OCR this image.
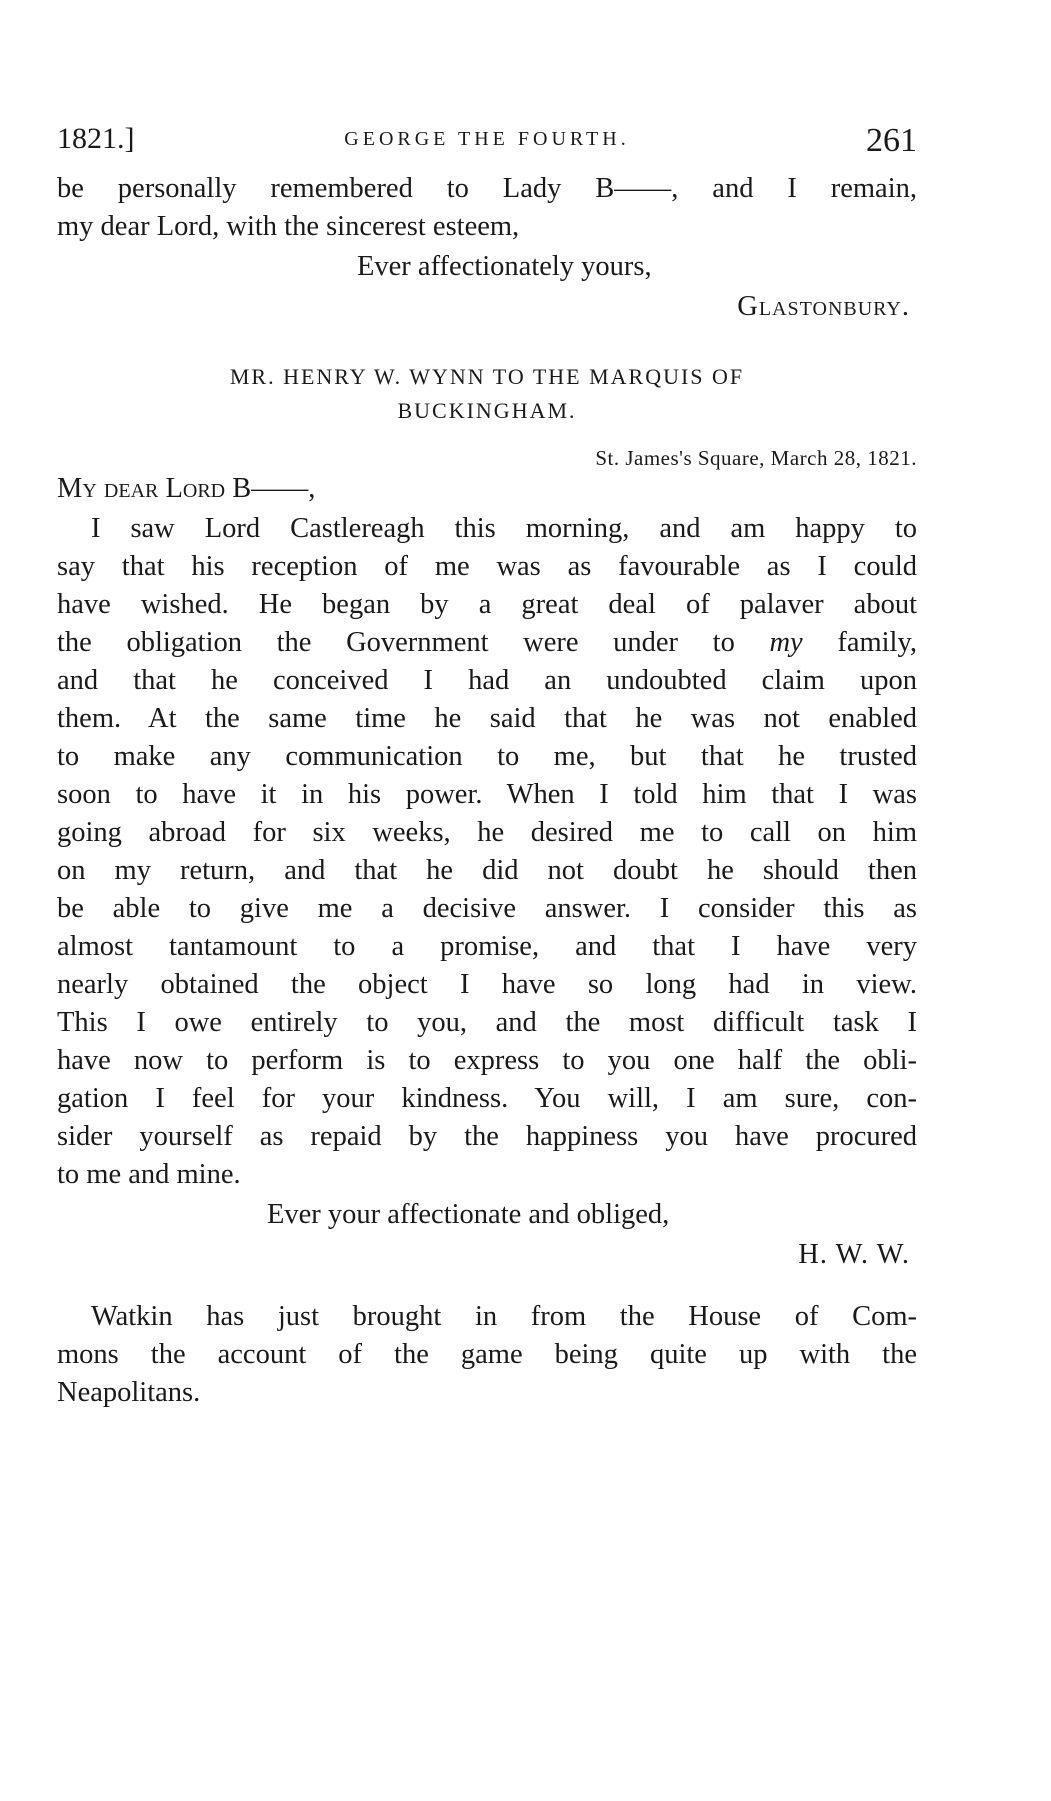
1821.]	GEORGE THE FOURTH.	261
be personally remembered to Lady B——, and I remain,
my dear Lord, with the sincerest esteem,
Ever affectionately yours,
Glastonbury.
MR. HENRY W. WYNN TO THE MARQUIS OF
BUCKINGHAM.
St. James's Square, March 28, 1821.
My dear Lord B——,
I saw Lord Castlereagh this morning, and am happy to
say that his reception of me was as favourable as I could
have wished. He began by a great deal of palaver about
the obligation the Government were under to my family,
and that he conceived I had an undoubted claim upon
them. At the same time he said that he was not enabled
to make any communication to me, but that he trusted
soon to have it in his power. When I told him that I was
going abroad for six weeks, he desired me to call on him
on my return, and that he did not doubt he should then
be able to give me a decisive answer. I consider this as
almost tantamount to a promise, and that I have very
nearly obtained the object I have so long had in view.
This I owe entirely to you, and the most difficult task I
have now to perform is to express to you one half the obli-
gation I feel for your kindness. You will, I am sure, con-
sider yourself as repaid by the happiness you have procured
to me and mine.
Ever your affectionate and obliged,
H. W. W.
Watkin has just brought in from the House of Com-
mons the account of the game being quite up with the
Neapolitans.
